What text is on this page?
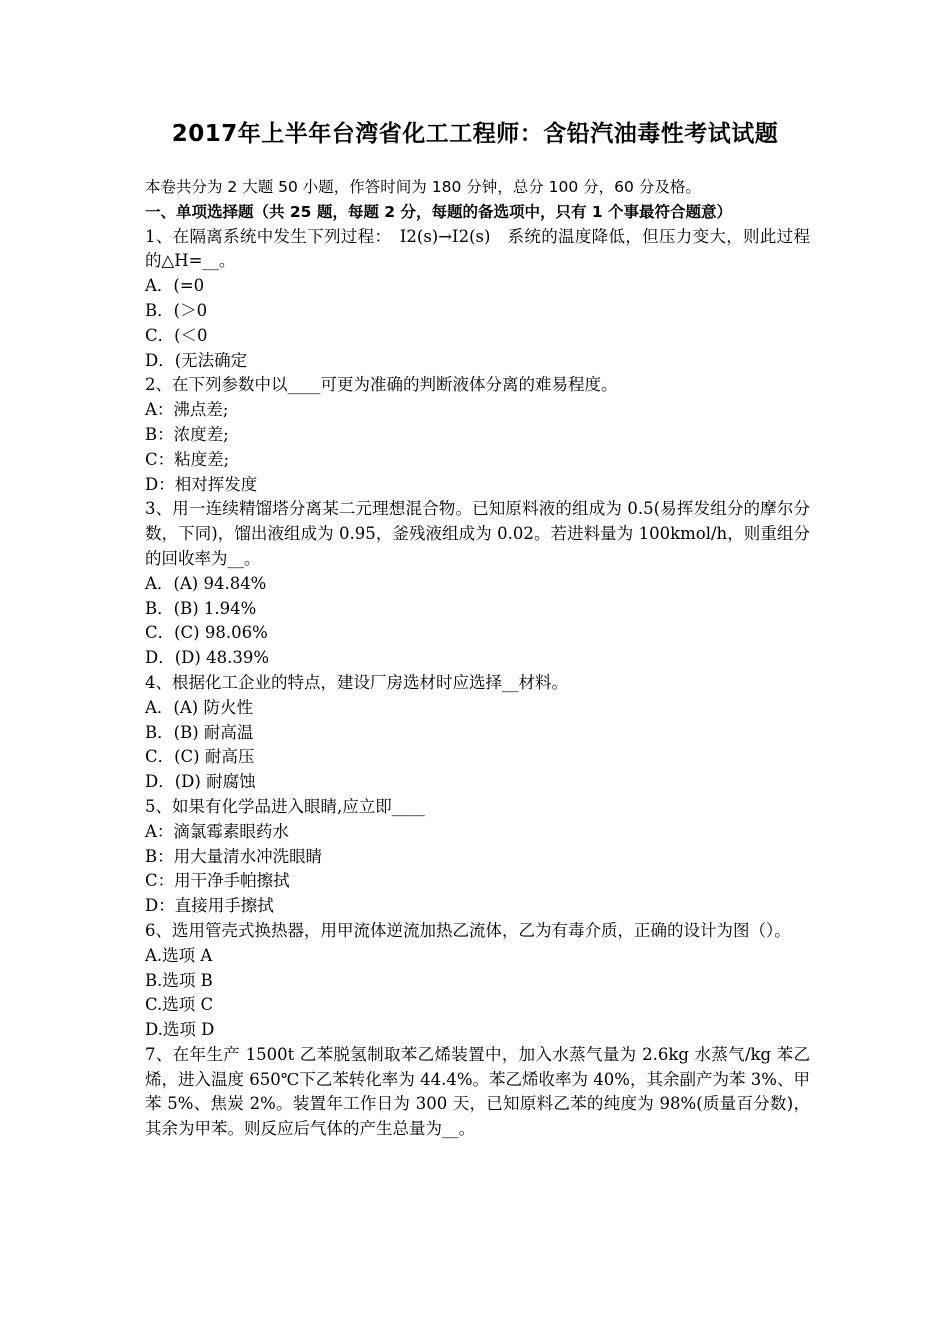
2017年上半年台湾省化工工程师：含铅汽油毒性考试试题
本卷共分为 2 大题 50 小题，作答时间为 180 分钟，总分 100 分，60 分及格。
一、单项选择题（共 25 题，每题 2 分，每题的备选项中，只有 1 个事最符合题意）
1、在隔离系统中发生下列过程：　I2(s)→I2(s)　系统的温度降低，但压力变大，则此过程的△H=__。
A．(=0
B．(＞0
C．(＜0
D．(无法确定
2、在下列参数中以____可更为准确的判断液体分离的难易程度。
A：沸点差;
B：浓度差;
C：粘度差;
D：相对挥发度
3、用一连续精馏塔分离某二元理想混合物。已知原料液的组成为 0.5(易挥发组分的摩尔分数，下同)，馏出液组成为 0.95，釜残液组成为 0.02。若进料量为 100kmol/h，则重组分的回收率为__。
A．(A) 94.84%
B．(B) 1.94%
C．(C) 98.06%
D．(D) 48.39%
4、根据化工企业的特点，建设厂房选材时应选择__材料。
A．(A) 防火性
B．(B) 耐高温
C．(C) 耐高压
D．(D) 耐腐蚀
5、如果有化学品进入眼睛,应立即____
A：滴氯霉素眼药水
B：用大量清水冲洗眼睛
C：用干净手帕擦拭
D：直接用手擦拭
6、选用管壳式换热器，用甲流体逆流加热乙流体，乙为有毒介质，正确的设计为图（）。
A.选项 A
B.选项 B
C.选项 C
D.选项 D
7、在年生产 1500t 乙苯脱氢制取苯乙烯装置中，加入水蒸气量为 2.6kg 水蒸气/kg 苯乙烯，进入温度 650℃下乙苯转化率为 44.4%。苯乙烯收率为 40%，其余副产为苯 3%、甲苯 5%、焦炭 2%。装置年工作日为 300 天，已知原料乙苯的纯度为 98%(质量百分数)，其余为甲苯。则反应后气体的产生总量为__。
